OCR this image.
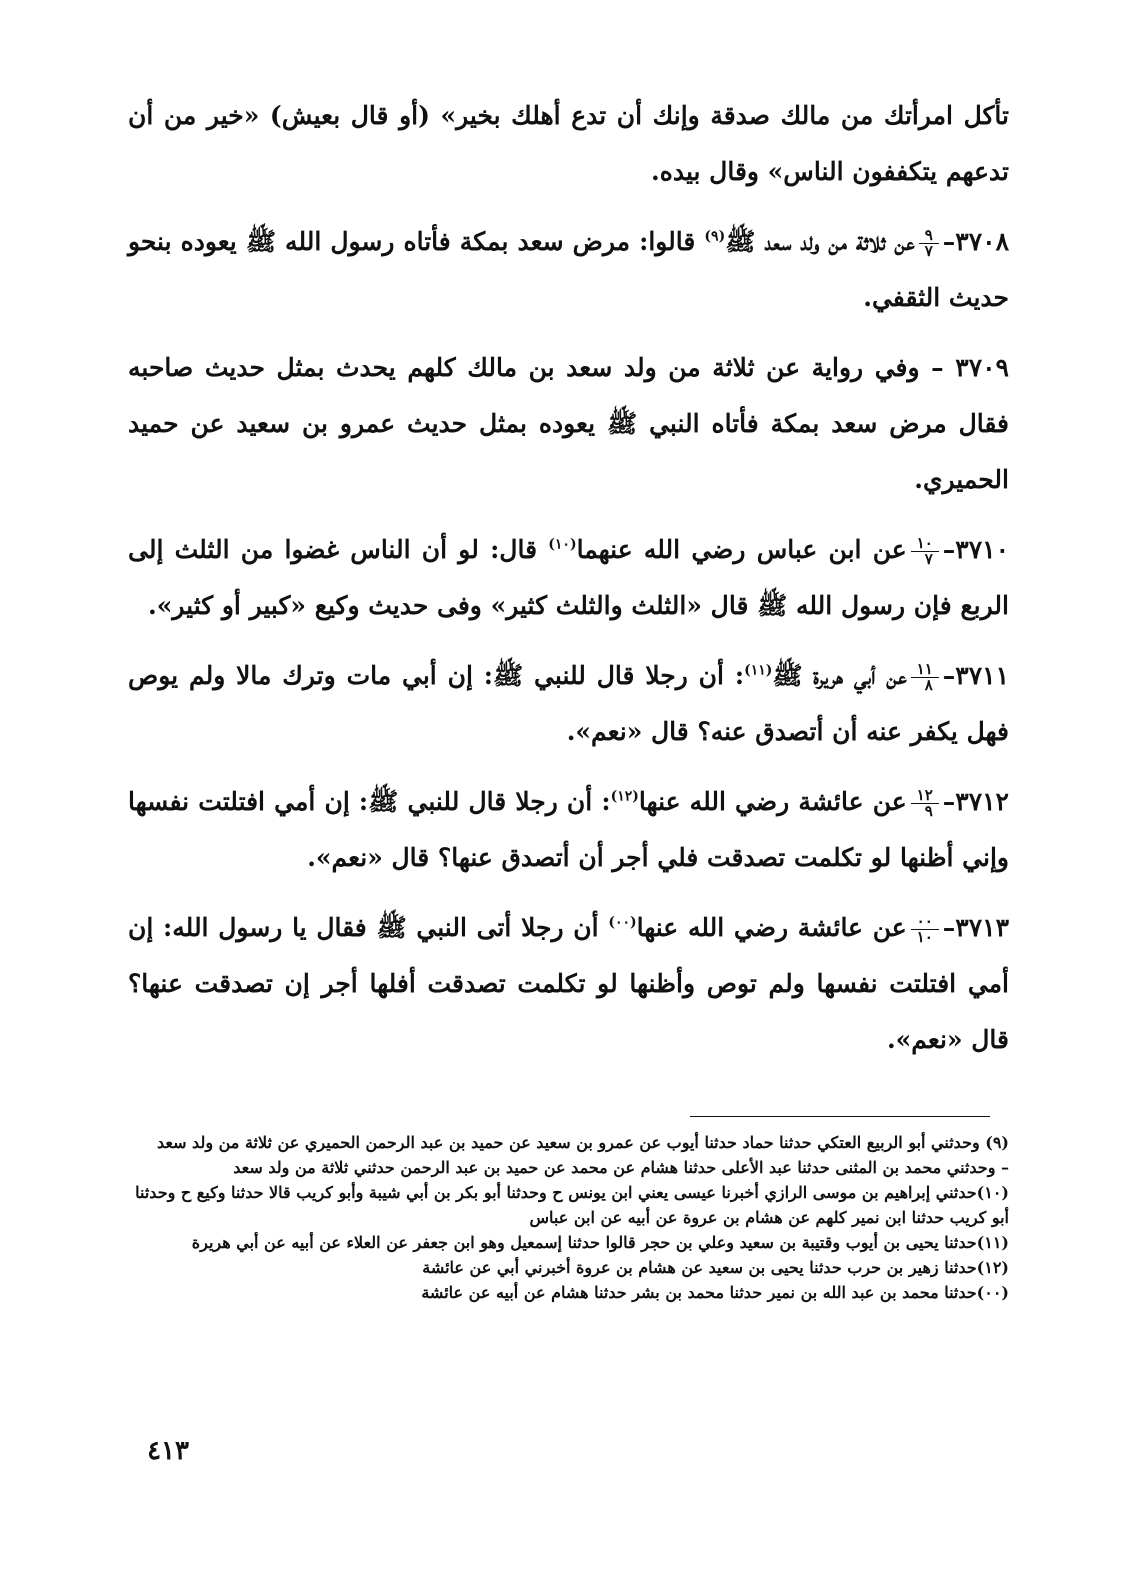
تأكل امرأتك من مالك صدقة وإنك أن تدع أهلك بخير» (أو قال بعيش) «خير من أن تدعهم يتكففون الناس» وقال بيده.

٣٧٠٨–
$\frac{٩}{٧}$
عن ثلاثة من ولد سعد ﷺ$^{(٩)}$ قالوا: مرض سعد بمكة فأتاه رسول الله ﷺ يعوده بنحو حديث الثقفي.

٣٧٠٩ – وفي رواية عن ثلاثة من ولد سعد بن مالك كلهم يحدث بمثل حديث صاحبه فقال مرض سعد بمكة فأتاه النبي ﷺ يعوده بمثل حديث عمرو بن سعيد عن حميد الحميري.

٣٧١٠–
$\frac{١٠}{٧}$
عن ابن عباس رضي الله عنهما$^{(١٠)}$ قال: لو أن الناس غضوا من الثلث إلى الربع فإن رسول الله ﷺ قال «الثلث والثلث كثير» وفى حديث وكيع «كبير أو كثير».

٣٧١١–
$\frac{١١}{٨}$
عن أبي هريرة ﷺ$^{(١١)}$: أن رجلا قال للنبي ﷺ: إن أبي مات وترك مالا ولم يوص فهل يكفر عنه أن أتصدق عنه؟ قال «نعم».

٣٧١٢–
$\frac{١٢}{٩}$
عن عائشة رضي الله عنها$^{(١٢)}$: أن رجلا قال للنبي ﷺ: إن أمي افتلتت نفسها وإني أظنها لو تكلمت تصدقت فلي أجر أن أتصدق عنها؟ قال «نعم».

٣٧١٣–
$\frac{٠٠}{١٠}$
عن عائشة رضي الله عنها$^{(٠٠)}$ أن رجلا أتى النبي ﷺ فقال يا رسول الله: إن أمي افتلتت نفسها ولم توص وأظنها لو تكلمت تصدقت أفلها أجر إن تصدقت عنها؟ قال «نعم».

(٩) وحدثني أبو الربيع العتكي حدثنا حماد حدثنا أيوب عن عمرو بن سعيد عن حميد بن عبد الرحمن الحميري عن ثلاثة من ولد سعد

– وحدثني محمد بن المثنى حدثنا عبد الأعلى حدثنا هشام عن محمد عن حميد بن عبد الرحمن حدثني ثلاثة من ولد سعد

(١٠)حدثني إبراهيم بن موسى الرازي أخبرنا عيسى يعني ابن يونس ح وحدثنا أبو بكر بن أبي شيبة وأبو كريب قالا حدثنا وكيع ح وحدثنا أبو كريب حدثنا ابن نمير كلهم عن هشام بن عروة عن أبيه عن ابن عباس

(١١)حدثنا يحيى بن أيوب وقتيبة بن سعيد وعلي بن حجر قالوا حدثنا إسمعيل وهو ابن جعفر عن العلاء عن أبيه عن أبي هريرة

(١٢)حدثنا زهير بن حرب حدثنا يحيى بن سعيد عن هشام بن عروة أخبرني أبي عن عائشة

(٠٠)حدثنا محمد بن عبد الله بن نمير حدثنا محمد بن بشر حدثنا هشام عن أبيه عن عائشة

٤١٣
